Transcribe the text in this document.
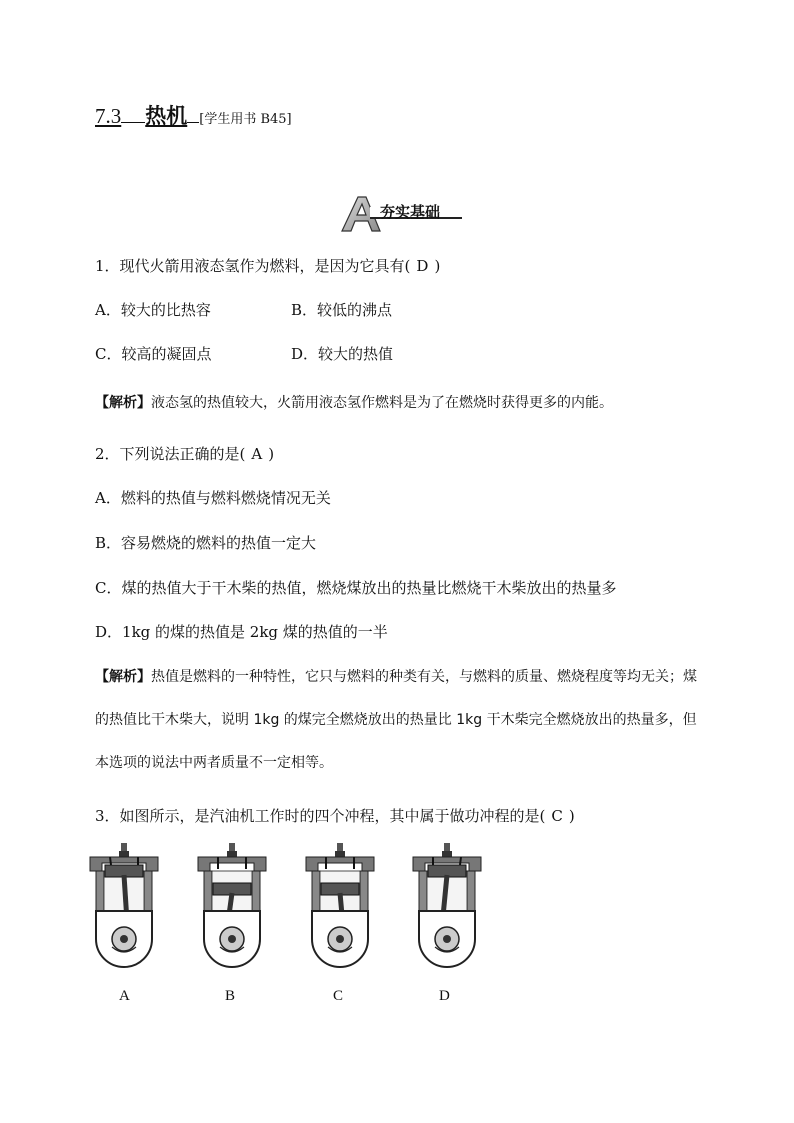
7.3 热机 [学生用书 B45]
夯实基础
1．现代火箭用液态氢作为燃料，是因为它具有( D )
A．较大的比热容	B．较低的沸点
C．较高的凝固点	D．较大的热值
【解析】液态氢的热值较大，火箭用液态氢作燃料是为了在燃烧时获得更多的内能。
2．下列说法正确的是( A )
A．燃料的热值与燃料燃烧情况无关
B．容易燃烧的燃料的热值一定大
C．煤的热值大于干木柴的热值，燃烧煤放出的热量比燃烧干木柴放出的热量多
D．1kg 的煤的热值是 2kg 煤的热值的一半
【解析】热值是燃料的一种特性，它只与燃料的种类有关，与燃料的质量、燃烧程度等均无关；煤的热值比干木柴大，说明 1kg 的煤完全燃烧放出的热量比 1kg 干木柴完全燃烧放出的热量多，但本选项的说法中两者质量不一定相等。
3．如图所示，是汽油机工作时的四个冲程，其中属于做功冲程的是( C )
A	B	C	D
